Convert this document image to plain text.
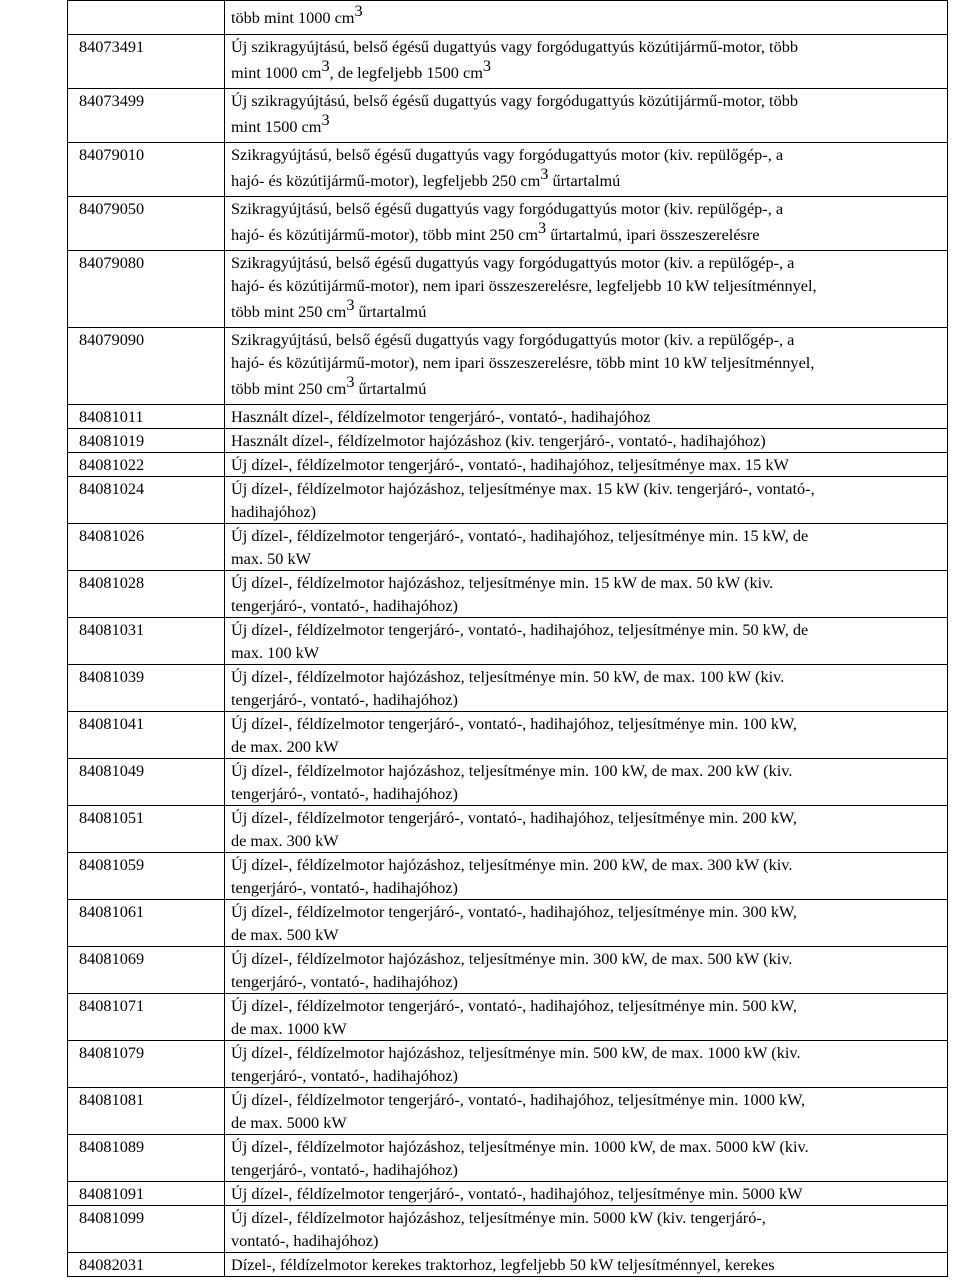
	több mint 1000 cm3

84073491	Új szikragyújtású, belső égésű dugattyús vagy forgódugattyús közútijármű-motor, több
mint 1000 cm3, de legfeljebb 1500 cm3

84073499	Új szikragyújtású, belső égésű dugattyús vagy forgódugattyús közútijármű-motor, több
mint 1500 cm3

84079010	Szikragyújtású, belső égésű dugattyús vagy forgódugattyús motor (kiv. repülőgép-, a
hajó- és közútijármű-motor), legfeljebb 250 cm3 űrtartalmú

84079050	Szikragyújtású, belső égésű dugattyús vagy forgódugattyús motor (kiv. repülőgép-, a
hajó- és közútijármű-motor), több mint 250 cm3 űrtartalmú, ipari összeszerelésre

84079080	Szikragyújtású, belső égésű dugattyús vagy forgódugattyús motor (kiv. a repülőgép-, a
hajó- és közútijármű-motor), nem ipari összeszerelésre, legfeljebb 10 kW teljesítménnyel,
több mint 250 cm3 űrtartalmú

84079090	Szikragyújtású, belső égésű dugattyús vagy forgódugattyús motor (kiv. a repülőgép-, a
hajó- és közútijármű-motor), nem ipari összeszerelésre, több mint 10 kW teljesítménnyel,
több mint 250 cm3 űrtartalmú

84081011	Használt dízel-, féldízelmotor tengerjáró-, vontató-, hadihajóhoz

84081019	Használt dízel-, féldízelmotor hajózáshoz (kiv. tengerjáró-, vontató-, hadihajóhoz)

84081022	Új dízel-, féldízelmotor tengerjáró-, vontató-, hadihajóhoz, teljesítménye max. 15 kW

84081024	Új dízel-, féldízelmotor hajózáshoz, teljesítménye max. 15 kW (kiv. tengerjáró-, vontató-,
hadihajóhoz)

84081026	Új dízel-, féldízelmotor tengerjáró-, vontató-, hadihajóhoz, teljesítménye min. 15 kW, de
max. 50 kW

84081028	Új dízel-, féldízelmotor hajózáshoz, teljesítménye min. 15 kW de max. 50 kW (kiv.
tengerjáró-, vontató-, hadihajóhoz)

84081031	Új dízel-, féldízelmotor tengerjáró-, vontató-, hadihajóhoz, teljesítménye min. 50 kW, de
max. 100 kW

84081039	Új dízel-, féldízelmotor hajózáshoz, teljesítménye min. 50 kW, de max. 100 kW (kiv.
tengerjáró-, vontató-, hadihajóhoz)

84081041	Új dízel-, féldízelmotor tengerjáró-, vontató-, hadihajóhoz, teljesítménye min. 100 kW,
de max. 200 kW

84081049	Új dízel-, féldízelmotor hajózáshoz, teljesítménye min. 100 kW, de max. 200 kW (kiv.
tengerjáró-, vontató-, hadihajóhoz)

84081051	Új dízel-, féldízelmotor tengerjáró-, vontató-, hadihajóhoz, teljesítménye min. 200 kW,
de max. 300 kW

84081059	Új dízel-, féldízelmotor hajózáshoz, teljesítménye min. 200 kW, de max. 300 kW (kiv.
tengerjáró-, vontató-, hadihajóhoz)

84081061	Új dízel-, féldízelmotor tengerjáró-, vontató-, hadihajóhoz, teljesítménye min. 300 kW,
de max. 500 kW

84081069	Új dízel-, féldízelmotor hajózáshoz, teljesítménye min. 300 kW, de max. 500 kW (kiv.
tengerjáró-, vontató-, hadihajóhoz)

84081071	Új dízel-, féldízelmotor tengerjáró-, vontató-, hadihajóhoz, teljesítménye min. 500 kW,
de max. 1000 kW

84081079	Új dízel-, féldízelmotor hajózáshoz, teljesítménye min. 500 kW, de max. 1000 kW (kiv.
tengerjáró-, vontató-, hadihajóhoz)

84081081	Új dízel-, féldízelmotor tengerjáró-, vontató-, hadihajóhoz, teljesítménye min. 1000 kW,
de max. 5000 kW

84081089	Új dízel-, féldízelmotor hajózáshoz, teljesítménye min. 1000 kW, de max. 5000 kW (kiv.
tengerjáró-, vontató-, hadihajóhoz)

84081091	Új dízel-, féldízelmotor tengerjáró-, vontató-, hadihajóhoz, teljesítménye min. 5000 kW

84081099	Új dízel-, féldízelmotor hajózáshoz, teljesítménye min. 5000 kW (kiv. tengerjáró-,
vontató-, hadihajóhoz)

84082031	Dízel-, féldízelmotor kerekes traktorhoz, legfeljebb 50 kW teljesítménnyel, kerekes
